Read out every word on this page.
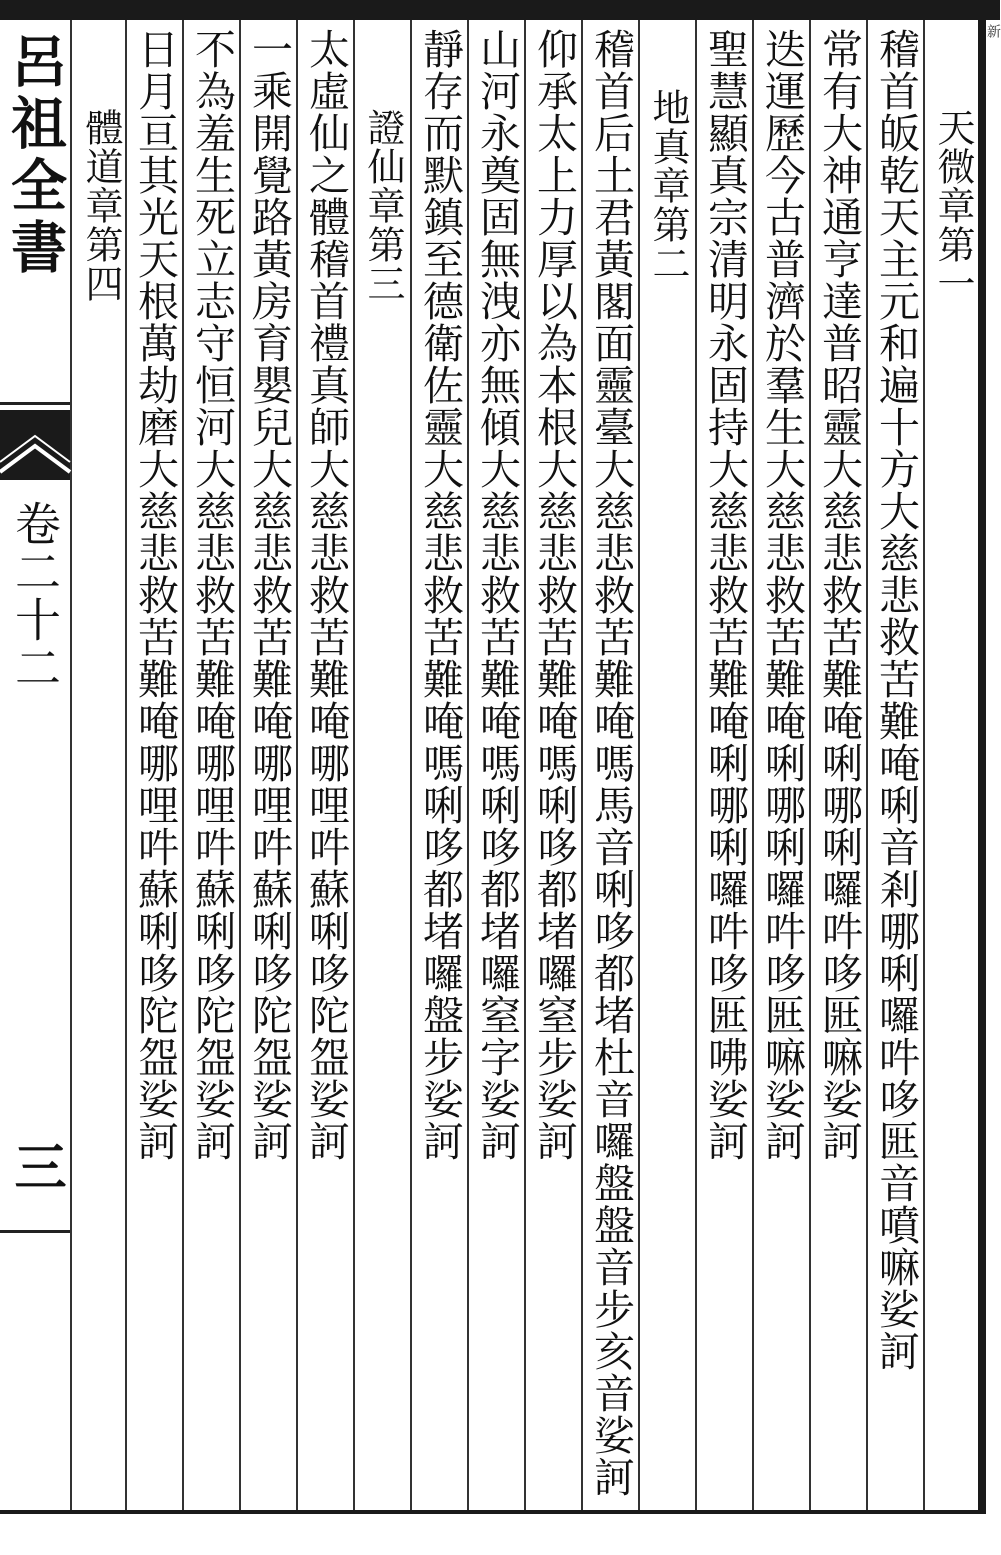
新
呂祖全書
卷二十二
三
天微章第一
稽首皈乾天主元和遍十方大慈悲救苦難唵唎音剎哪唎囉吽哆匨音噴嘛娑訶
常有大神通亨達普昭靈大慈悲救苦難唵唎哪唎囉吽哆匨嘛娑訶
迭運歷今古普濟於羣生大慈悲救苦難唵唎哪唎囉吽哆匨嘛娑訶
聖慧顯真宗清明永固持大慈悲救苦難唵唎哪唎囉吽哆匨咈娑訶
地真章第二
稽首后土君黃閣面靈臺大慈悲救苦難唵嗎馬音唎哆都堵杜音囉盤盤音步亥音娑訶
仰承太上力厚以為本根大慈悲救苦難唵嗎唎哆都堵囉窒步娑訶
山河永奠固無洩亦無傾大慈悲救苦難唵嗎唎哆都堵囉窒字娑訶
靜存而默鎮至德衛佐靈大慈悲救苦難唵嗎唎哆都堵囉盤步娑訶
證仙章第三
太虛仙之體稽首禮真師大慈悲救苦難唵哪哩吽蘇唎哆陀盌娑訶
一乘開覺路黃房育嬰兒大慈悲救苦難唵哪哩吽蘇唎哆陀盌娑訶
不為羞生死立志守恒河大慈悲救苦難唵哪哩吽蘇唎哆陀盌娑訶
日月亘其光天根萬劫磨大慈悲救苦難唵哪哩吽蘇唎哆陀盌娑訶
體道章第四
